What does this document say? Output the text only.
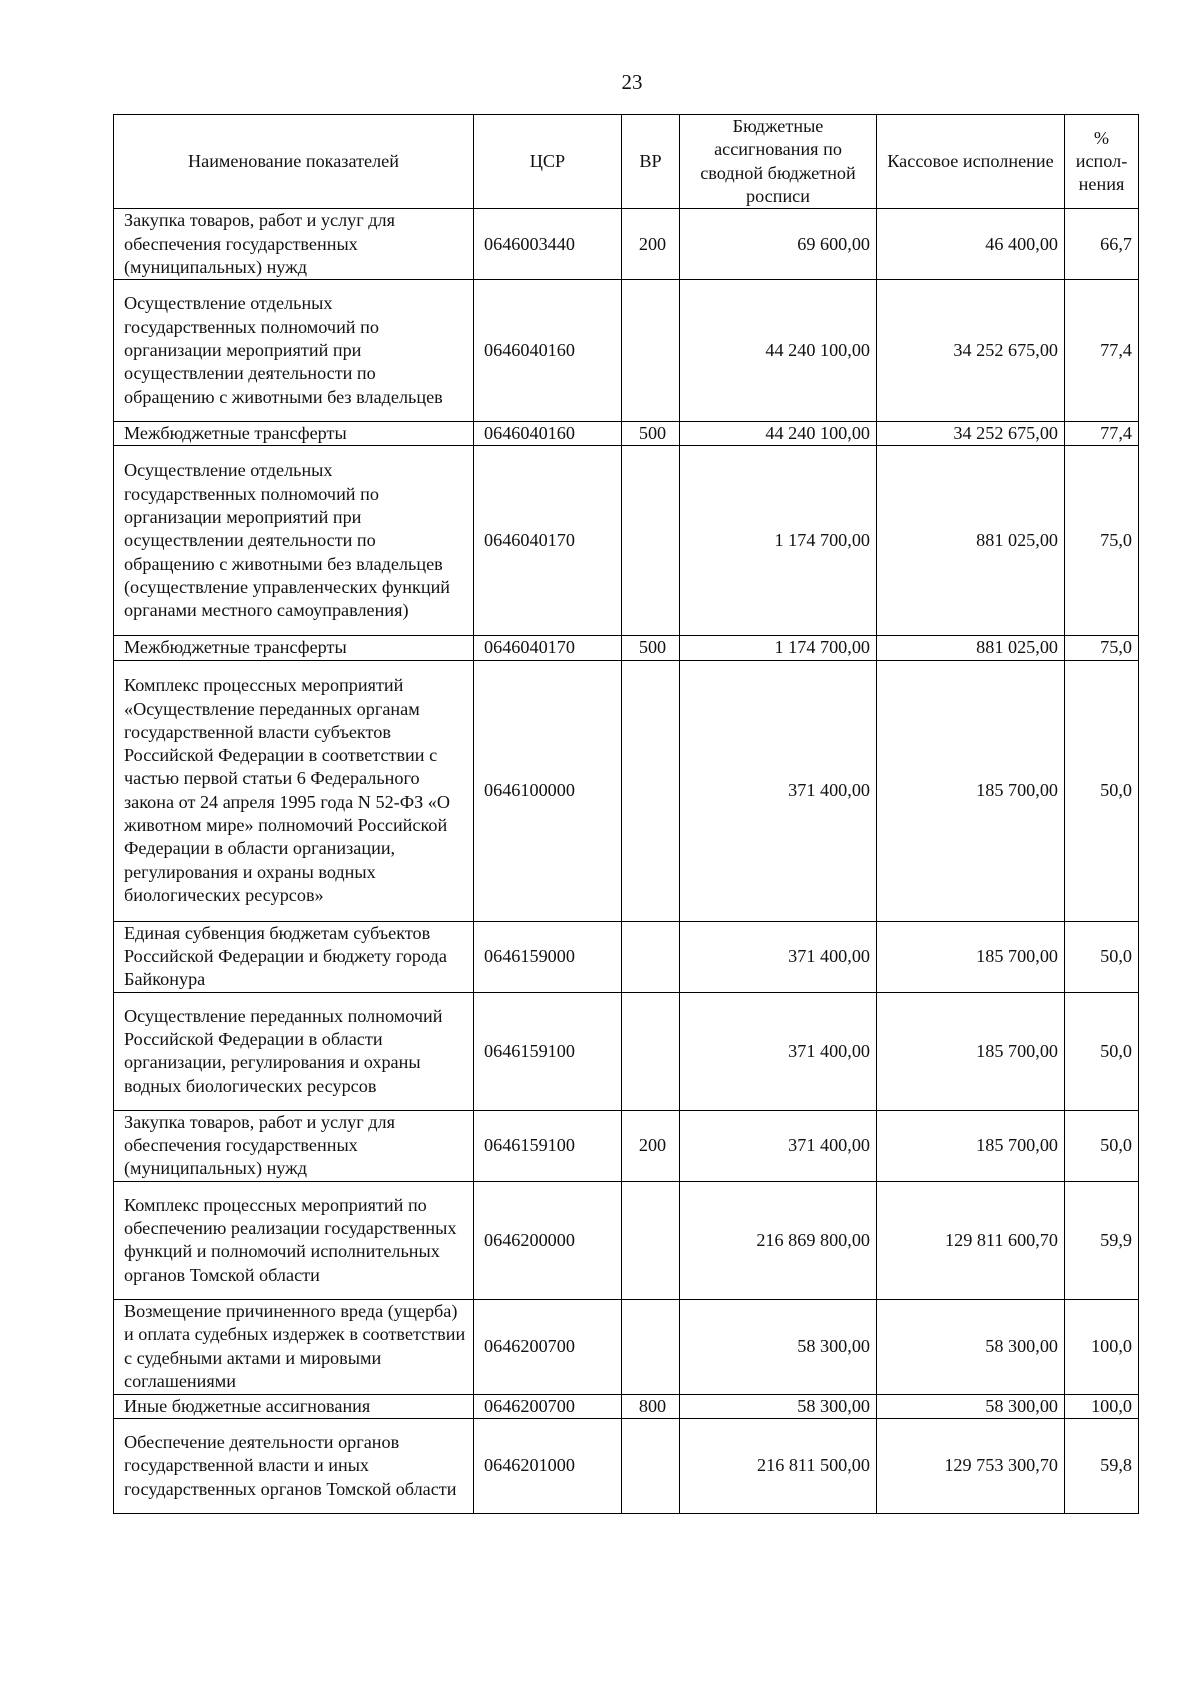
23
Наименование показателей	ЦСР	ВР	Бюджетные ассигнования по сводной бюджетной росписи	Кассовое исполнение	% испол-нения
Закупка товаров, работ и услуг для обеспечения государственных (муниципальных) нужд	0646003440	200	69 600,00	46 400,00	66,7
Осуществление отдельных государственных полномочий по организации мероприятий при осуществлении деятельности по обращению с животными без владельцев	0646040160		44 240 100,00	34 252 675,00	77,4
Межбюджетные трансферты	0646040160	500	44 240 100,00	34 252 675,00	77,4
Осуществление отдельных государственных полномочий по организации мероприятий при осуществлении деятельности по обращению с животными без владельцев (осуществление управленческих функций органами местного самоуправления)	0646040170		1 174 700,00	881 025,00	75,0
Межбюджетные трансферты	0646040170	500	1 174 700,00	881 025,00	75,0
Комплекс процессных мероприятий «Осуществление переданных органам государственной власти субъектов Российской Федерации в соответствии с частью первой статьи 6 Федерального закона от 24 апреля 1995 года N 52-ФЗ «О животном мире» полномочий Российской Федерации в области организации, регулирования и охраны водных биологических ресурсов»	0646100000		371 400,00	185 700,00	50,0
Единая субвенция бюджетам субъектов Российской Федерации и бюджету города Байконура	0646159000		371 400,00	185 700,00	50,0
Осуществление переданных полномочий Российской Федерации в области организации, регулирования и охраны водных биологических ресурсов	0646159100		371 400,00	185 700,00	50,0
Закупка товаров, работ и услуг для обеспечения государственных (муниципальных) нужд	0646159100	200	371 400,00	185 700,00	50,0
Комплекс процессных мероприятий по обеспечению реализации государственных функций и полномочий исполнительных органов Томской области	0646200000		216 869 800,00	129 811 600,70	59,9
Возмещение причиненного вреда (ущерба) и оплата судебных издержек в соответствии с судебными актами и мировыми соглашениями	0646200700		58 300,00	58 300,00	100,0
Иные бюджетные ассигнования	0646200700	800	58 300,00	58 300,00	100,0
Обеспечение деятельности органов государственной власти и иных государственных органов Томской области	0646201000		216 811 500,00	129 753 300,70	59,8
